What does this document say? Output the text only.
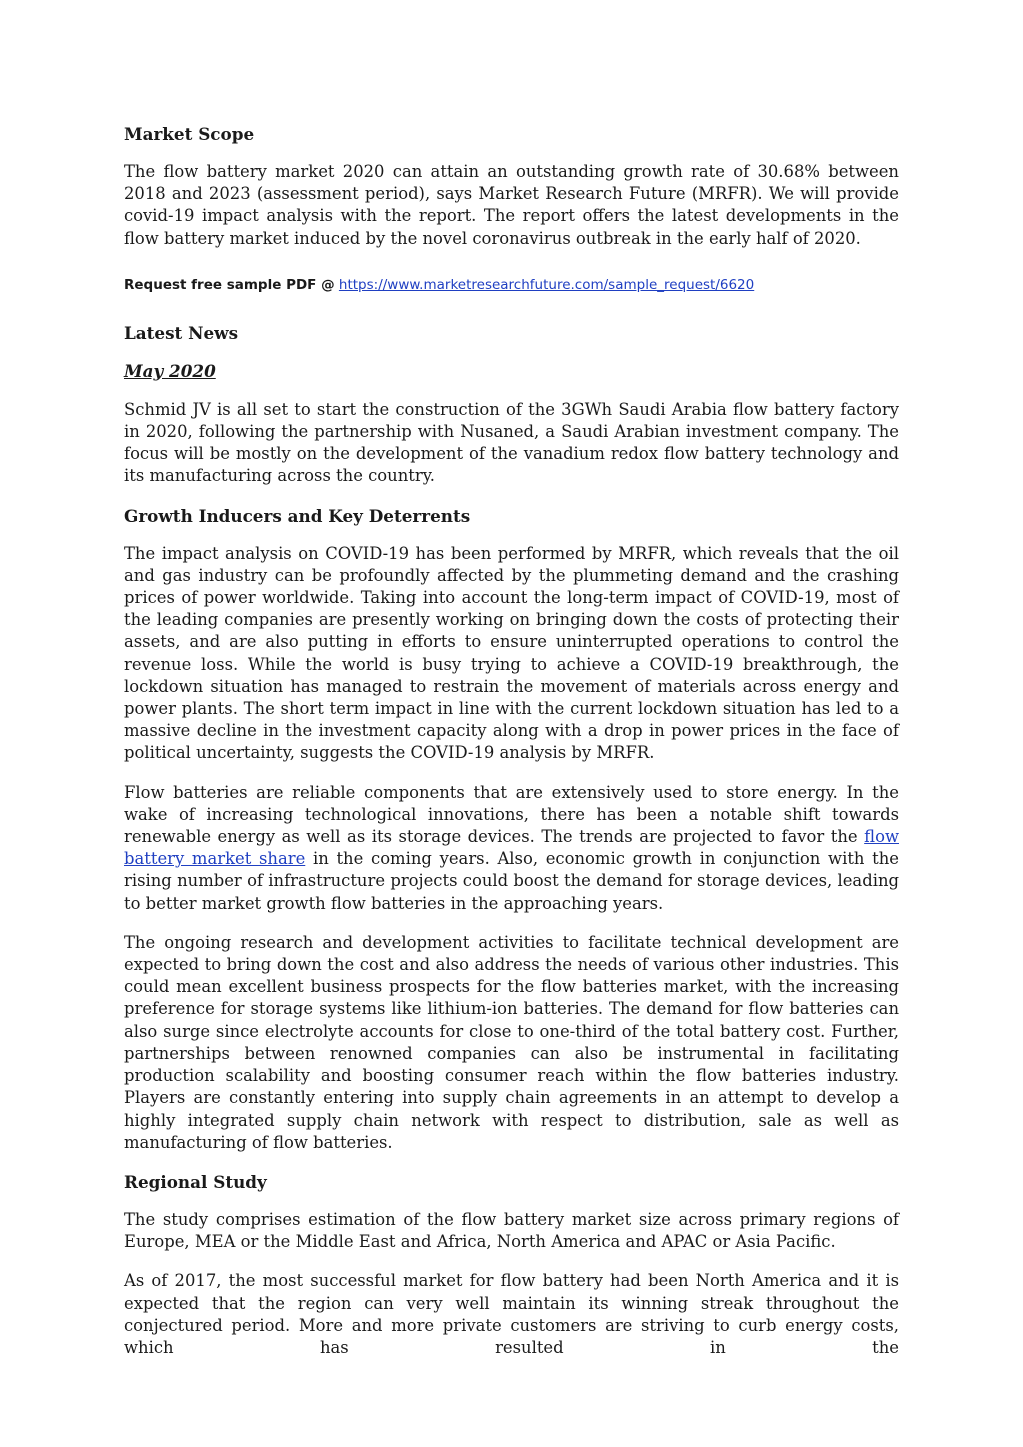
Market Scope

The flow battery market 2020 can attain an outstanding growth rate of 30.68% between 2018 and 2023 (assessment period), says Market Research Future (MRFR). We will provide covid-19 impact analysis with the report. The report offers the latest developments in the flow battery market induced by the novel coronavirus outbreak in the early half of 2020.

Request free sample PDF @ https://www.marketresearchfuture.com/sample_request/6620

Latest News
May 2020

Schmid JV is all set to start the construction of the 3GWh Saudi Arabia flow battery factory in 2020, following the partnership with Nusaned, a Saudi Arabian investment company. The focus will be mostly on the development of the vanadium redox flow battery technology and its manufacturing across the country.

Growth Inducers and Key Deterrents

The impact analysis on COVID-19 has been performed by MRFR, which reveals that the oil and gas industry can be profoundly affected by the plummeting demand and the crashing prices of power worldwide. Taking into account the long-term impact of COVID-19, most of the leading companies are presently working on bringing down the costs of protecting their assets, and are also putting in efforts to ensure uninterrupted operations to control the revenue loss. While the world is busy trying to achieve a COVID-19 breakthrough, the lockdown situation has managed to restrain the movement of materials across energy and power plants. The short term impact in line with the current lockdown situation has led to a massive decline in the investment capacity along with a drop in power prices in the face of political uncertainty, suggests the COVID-19 analysis by MRFR.

Flow batteries are reliable components that are extensively used to store energy. In the wake of increasing technological innovations, there has been a notable shift towards renewable energy as well as its storage devices. The trends are projected to favor the flow battery market share in the coming years. Also, economic growth in conjunction with the rising number of infrastructure projects could boost the demand for storage devices, leading to better market growth flow batteries in the approaching years.

The ongoing research and development activities to facilitate technical development are expected to bring down the cost and also address the needs of various other industries. This could mean excellent business prospects for the flow batteries market, with the increasing preference for storage systems like lithium-ion batteries. The demand for flow batteries can also surge since electrolyte accounts for close to one-third of the total battery cost. Further, partnerships between renowned companies can also be instrumental in facilitating production scalability and boosting consumer reach within the flow batteries industry. Players are constantly entering into supply chain agreements in an attempt to develop a highly integrated supply chain network with respect to distribution, sale as well as manufacturing of flow batteries.

Regional Study

The study comprises estimation of the flow battery market size across primary regions of Europe, MEA or the Middle East and Africa, North America and APAC or Asia Pacific.

As of 2017, the most successful market for flow battery had been North America and it is expected that the region can very well maintain its winning streak throughout the conjectured period. More and more private customers are striving to curb energy costs, which has resulted in the
